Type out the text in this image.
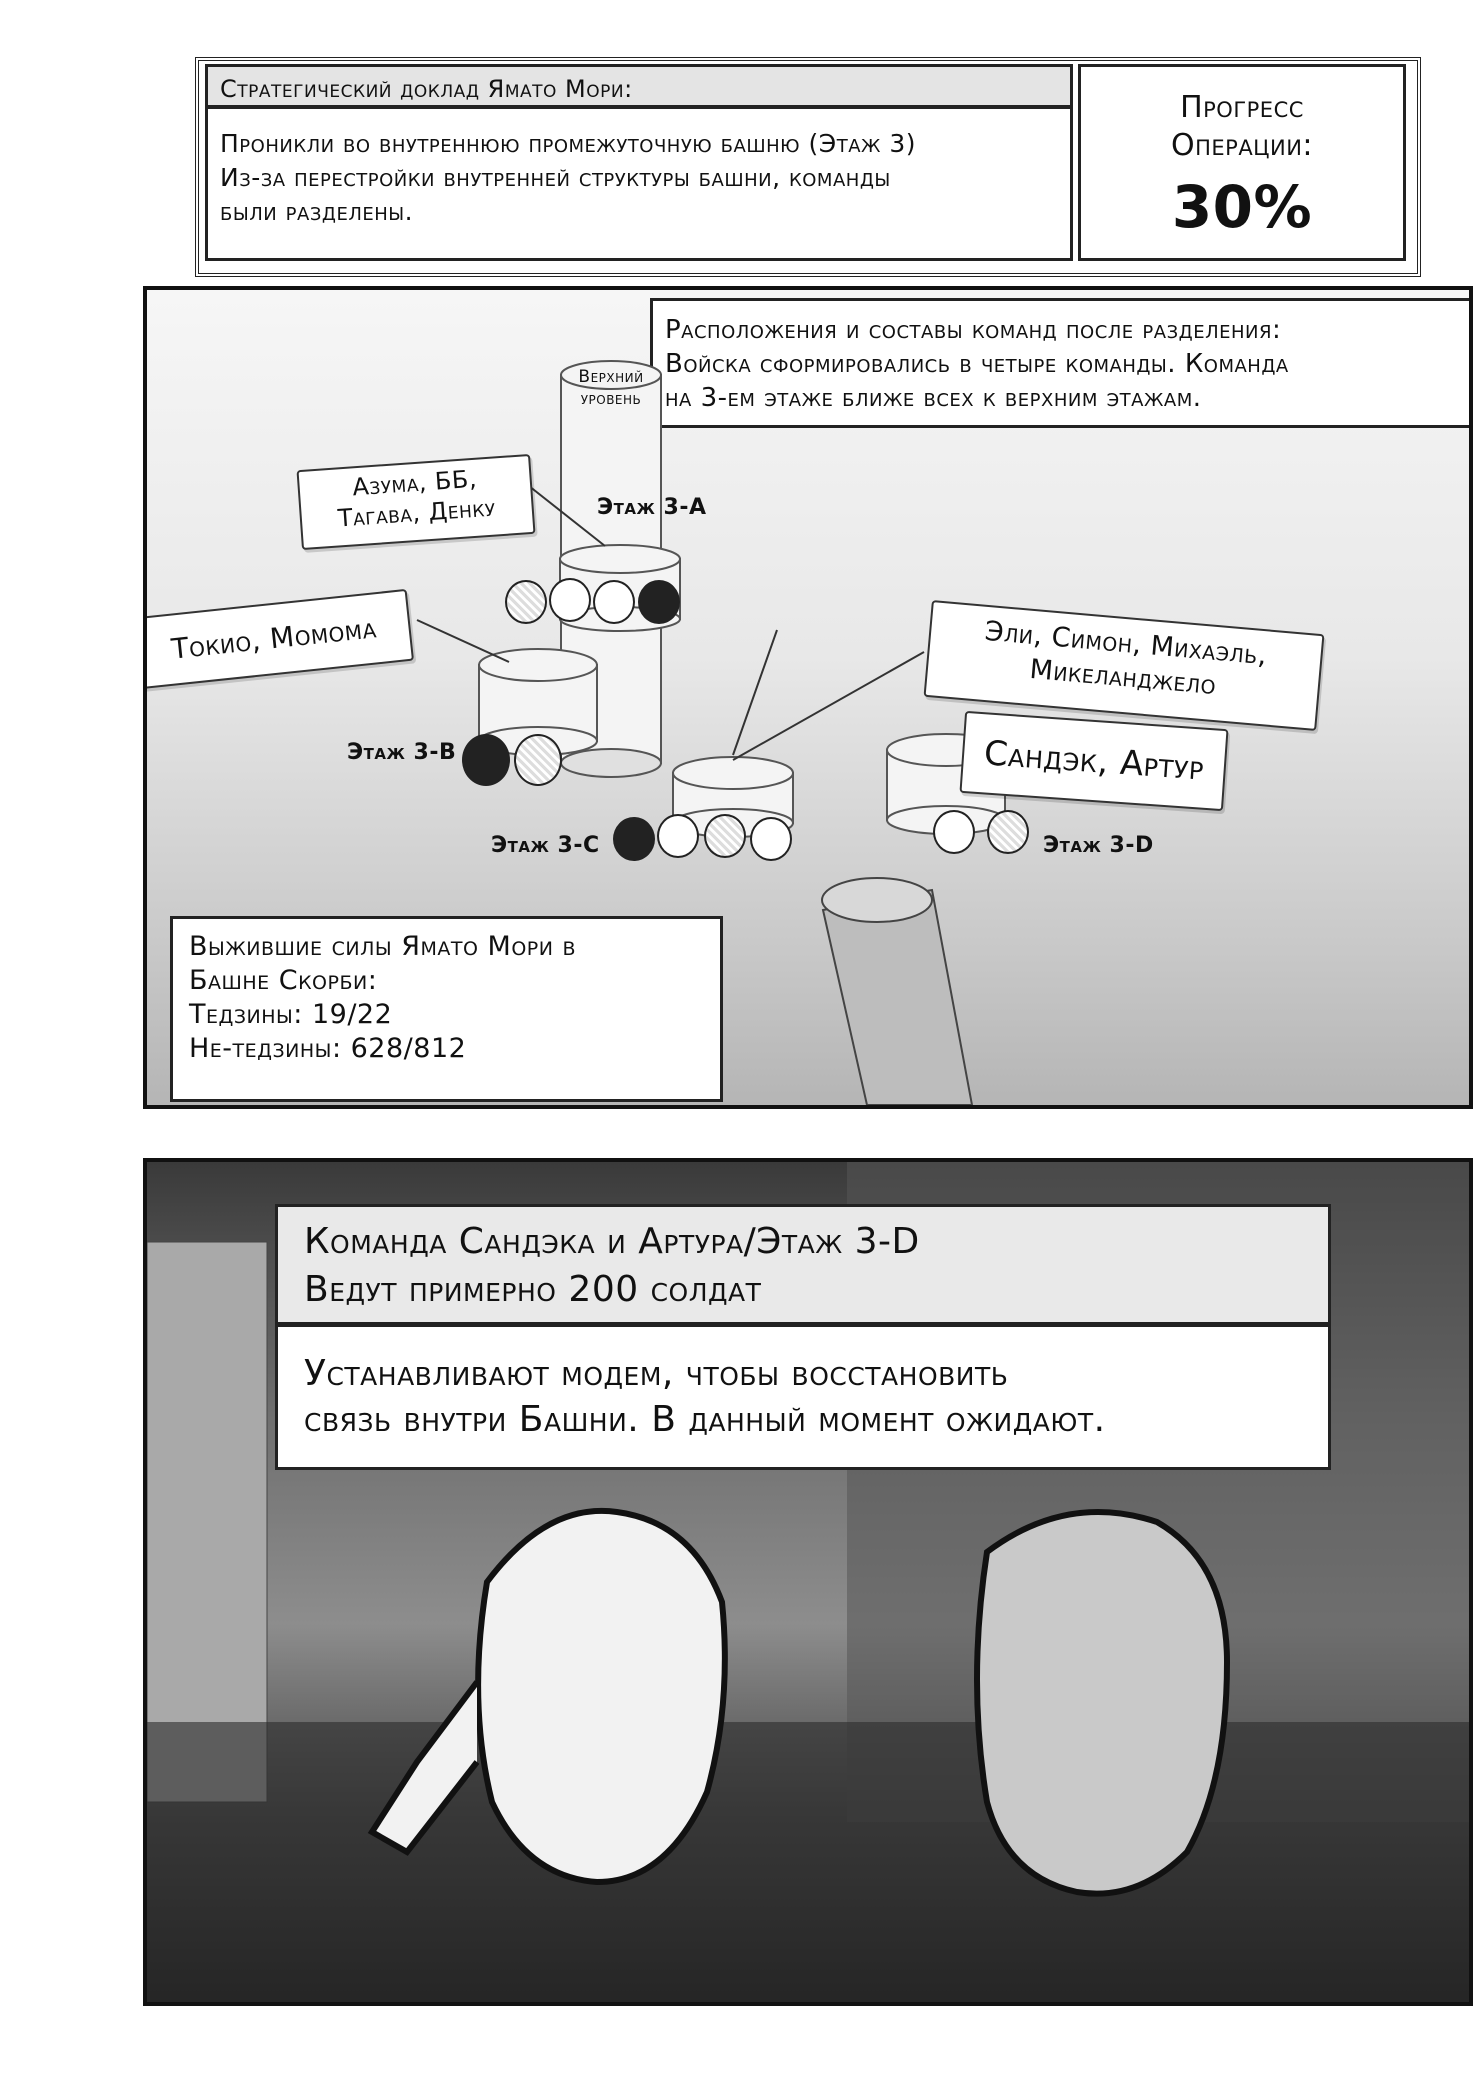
Стратегический доклад Ямато Мори:

Проникли во внутреннюю промежуточную башню (Этаж 3)
Из-за перестройки внутренней структуры башни, команды
были разделены.

Прогресс
Операции:
30%

Расположения и составы команд после разделения:
Войска сформировались в четыре команды. Команда
на 3-ем этаже ближе всех к верхним этажам.

Верхний
уровень
Азума, ББ,
Тагава, Денку	Этаж 3-A
Токио, Момома
Этаж 3-B
Эли, Симон, Михаэль,
Микеланджело
Этаж 3-C
Сандэк, Артур
Этаж 3-D
Выжившие силы Ямато Мори в
Башне Скорби:
Тедзины: 19/22
Не-тедзины: 628/812
Команда Сандэка и Артура/Этаж 3-D
Ведут примерно 200 солдат

Устанавливают модем, чтобы восстановить
связь внутри Башни. В данный момент ожидают.
